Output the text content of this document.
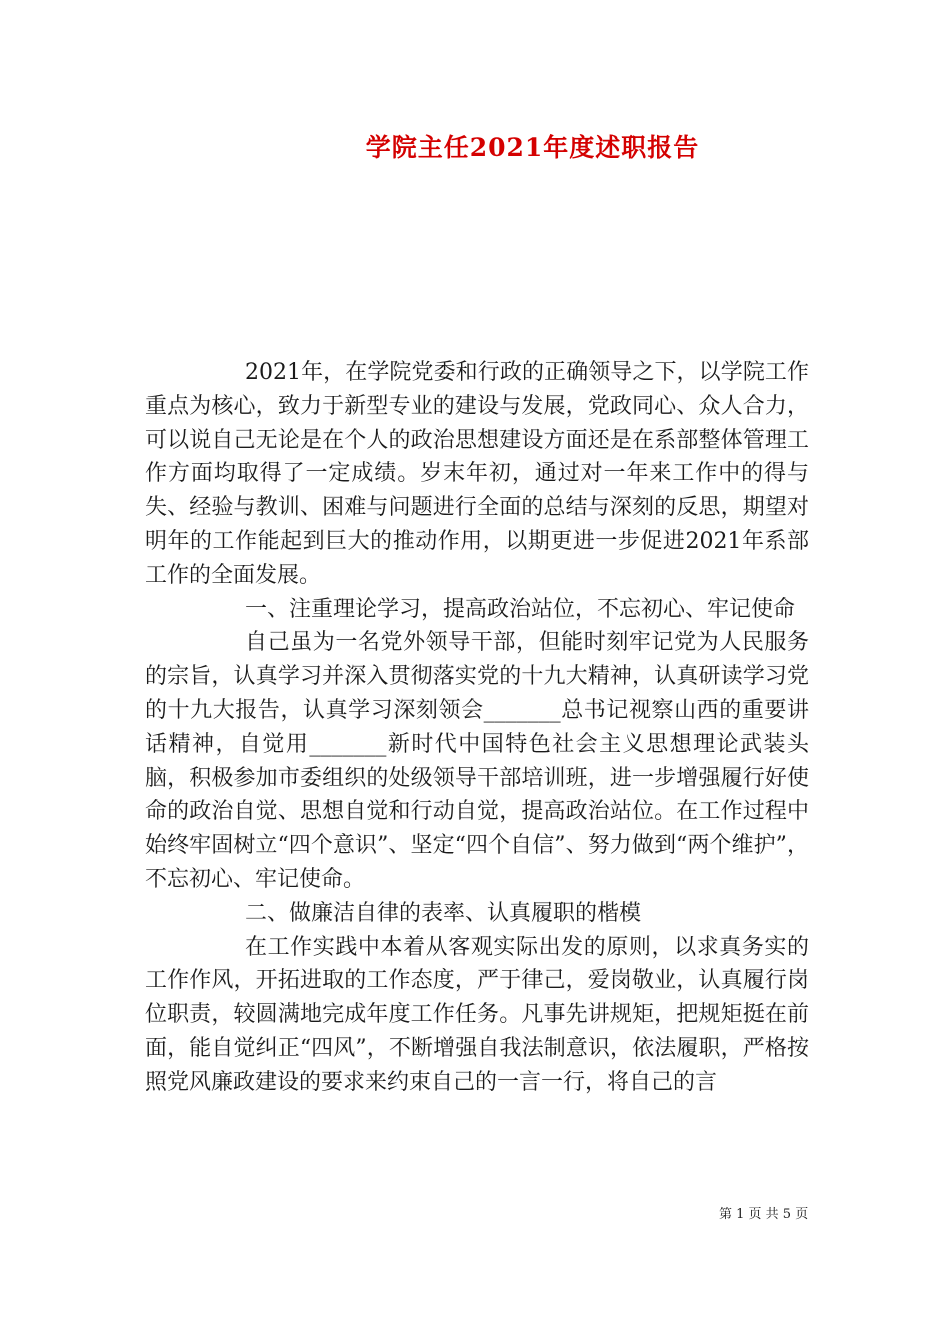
学院主任2021年度述职报告

2021年，在学院党委和行政的正确领导之下，以学院工作重点为核心，致力于新型专业的建设与发展，党政同心、众人合力，可以说自己无论是在个人的政治思想建设方面还是在系部整体管理工作方面均取得了一定成绩。岁末年初，通过对一年来工作中的得与失、经验与教训、困难与问题进行全面的总结与深刻的反思，期望对明年的工作能起到巨大的推动作用，以期更进一步促进2021年系部工作的全面发展。

一、注重理论学习，提高政治站位，不忘初心、牢记使命

自己虽为一名党外领导干部，但能时刻牢记党为人民服务的宗旨，认真学习并深入贯彻落实党的十九大精神，认真研读学习党的十九大报告，认真学习深刻领会_______总书记视察山西的重要讲话精神，自觉用_______新时代中国特色社会主义思想理论武装头脑，积极参加市委组织的处级领导干部培训班，进一步增强履行好使命的政治自觉、思想自觉和行动自觉，提高政治站位。在工作过程中始终牢固树立“四个意识”、坚定“四个自信”、努力做到“两个维护”，不忘初心、牢记使命。

二、做廉洁自律的表率、认真履职的楷模

在工作实践中本着从客观实际出发的原则，以求真务实的工作作风，开拓进取的工作态度，严于律己，爱岗敬业，认真履行岗位职责，较圆满地完成年度工作任务。凡事先讲规矩，把规矩挺在前面，能自觉纠正“四风”，不断增强自我法制意识，依法履职，严格按照党风廉政建设的要求来约束自己的一言一行，将自己的言

第 1 页 共 5 页
